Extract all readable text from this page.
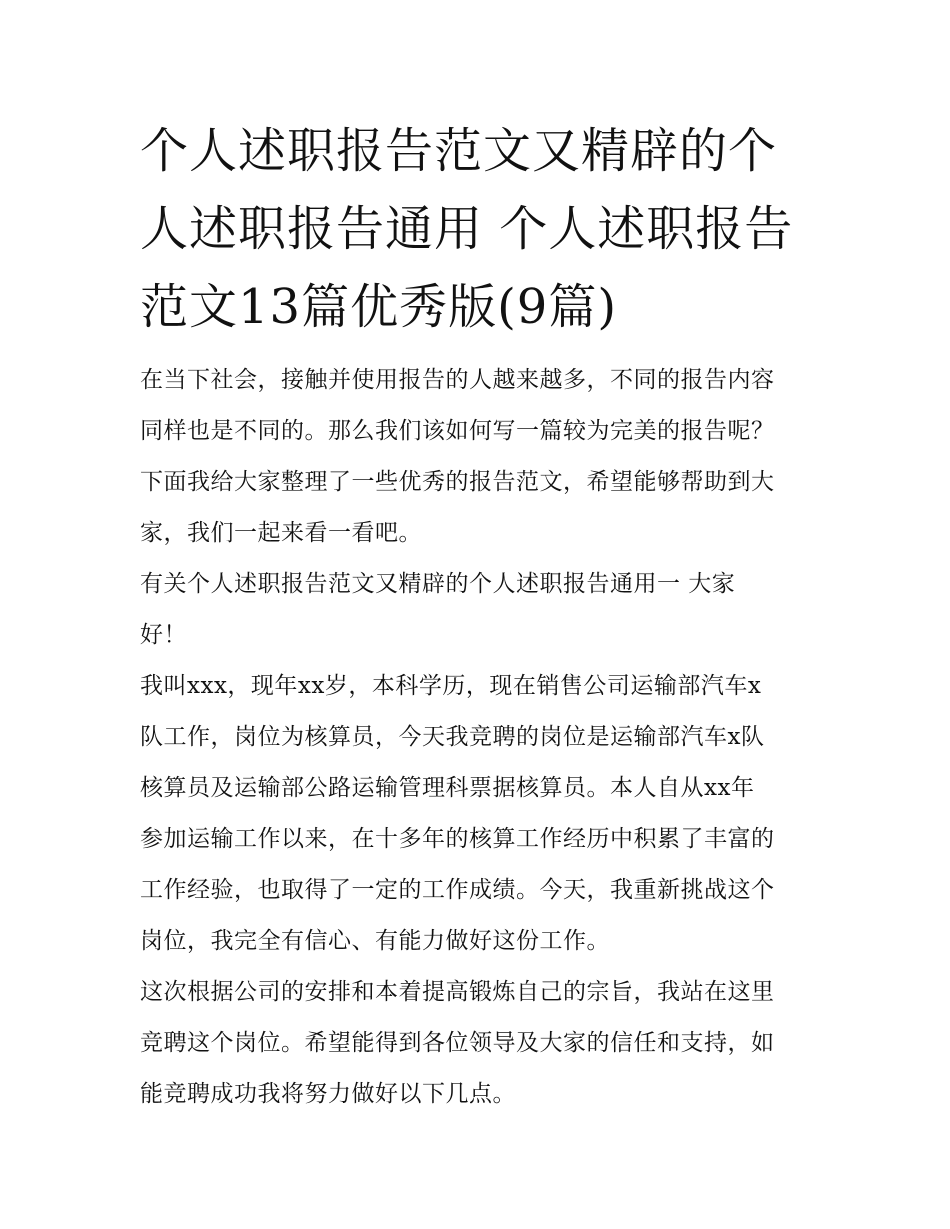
个人述职报告范文又精辟的个
人述职报告通用 个人述职报告
范文13篇优秀版(9篇)

在当下社会，接触并使用报告的人越来越多，不同的报告内容
同样也是不同的。那么我们该如何写一篇较为完美的报告呢？
下面我给大家整理了一些优秀的报告范文，希望能够帮助到大
家，我们一起来看一看吧。

有关个人述职报告范文又精辟的个人述职报告通用一 大家
好！

我叫xxx，现年xx岁，本科学历，现在销售公司运输部汽车x
队工作，岗位为核算员，今天我竞聘的岗位是运输部汽车x队
核算员及运输部公路运输管理科票据核算员。本人自从xx年
参加运输工作以来，在十多年的核算工作经历中积累了丰富的
工作经验，也取得了一定的工作成绩。今天，我重新挑战这个
岗位，我完全有信心、有能力做好这份工作。

这次根据公司的安排和本着提高锻炼自己的宗旨，我站在这里
竞聘这个岗位。希望能得到各位领导及大家的信任和支持，如
能竞聘成功我将努力做好以下几点。
